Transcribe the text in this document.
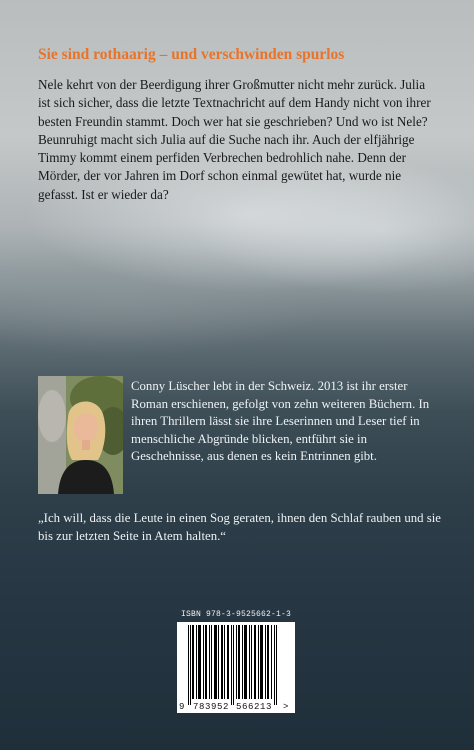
Sie sind rothaarig – und verschwinden spurlos

Nele kehrt von der Beerdigung ihrer Großmutter nicht mehr zurück. Julia ist sich sicher, dass die letzte Textnachricht auf dem Handy nicht von ihrer besten Freundin stammt. Doch wer hat sie geschrieben? Und wo ist Nele? Beunruhigt macht sich Julia auf die Suche nach ihr. Auch der elfjährige Timmy kommt einem perfiden Verbrechen bedrohlich nahe. Denn der Mörder, der vor Jahren im Dorf schon einmal gewütet hat, wurde nie gefasst. Ist er wieder da?

Conny Lüscher lebt in der Schweiz. 2013 ist ihr erster Roman erschienen, gefolgt von zehn weiteren Büchern. In ihren Thrillern lässt sie ihre Leserinnen und Leser tief in menschliche Abgründe blicken, entführt sie in Geschehnisse, aus denen es kein Entrinnen gibt.

„Ich will, dass die Leute in einen Sog geraten, ihnen den Schlaf rauben und sie bis zur letzten Seite in Atem halten.“

ISBN 978-3-9525662-1-3
9 783952 566213 >
